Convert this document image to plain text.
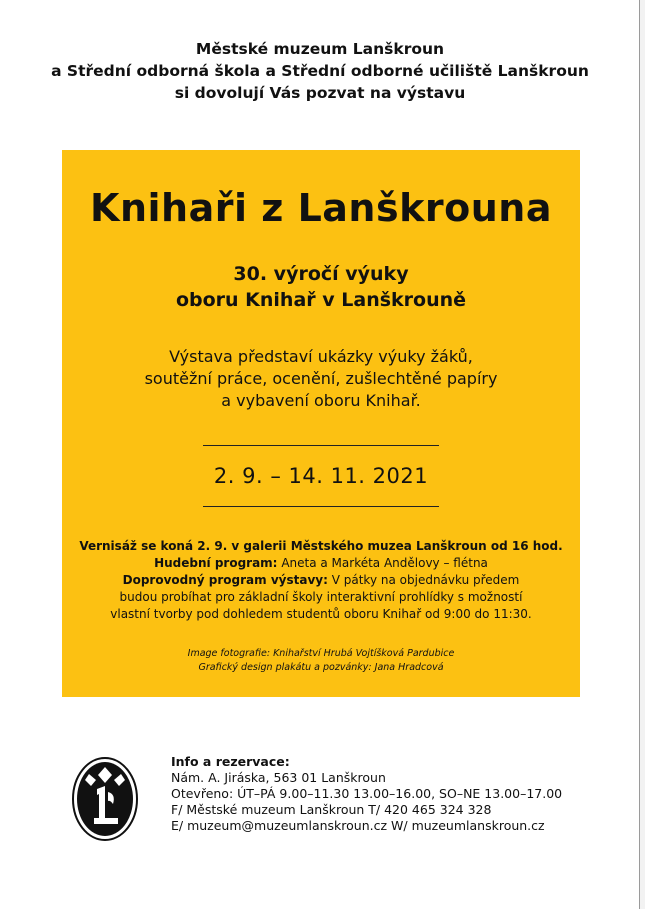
Městské muzeum Lanškroun
a Střední odborná škola a Střední odborné učiliště Lanškroun
si dovolují Vás pozvat na výstavu
Knihaři z Lanškrouna
30. výročí výuky
oboru Knihař v Lanškrouně
Výstava představí ukázky výuky žáků,
soutěžní práce, ocenění, zušlechtěné papíry
a vybavení oboru Knihař.
2. 9. – 14. 11. 2021
Vernisáž se koná 2. 9. v galerii Městského muzea Lanškroun od 16 hod.
Hudební program: Aneta a Markéta Andělovy – flétna
Doprovodný program výstavy: V pátky na objednávku předem
budou probíhat pro základní školy interaktivní prohlídky s možností
vlastní tvorby pod dohledem studentů oboru Knihař od 9:00 do 11:30.
Image fotografie: Knihařství Hrubá Vojtíšková Pardubice
Grafický design plakátu a pozvánky: Jana Hradcová
Info a rezervace:
Nám. A. Jiráska, 563 01 Lanškroun
Otevřeno: ÚT–PÁ 9.00–11.30 13.00–16.00, SO–NE 13.00–17.00
F/ Městské muzeum Lanškroun T/ 420 465 324 328
E/ muzeum@muzeumlanskroun.cz W/ muzeumlanskroun.cz
